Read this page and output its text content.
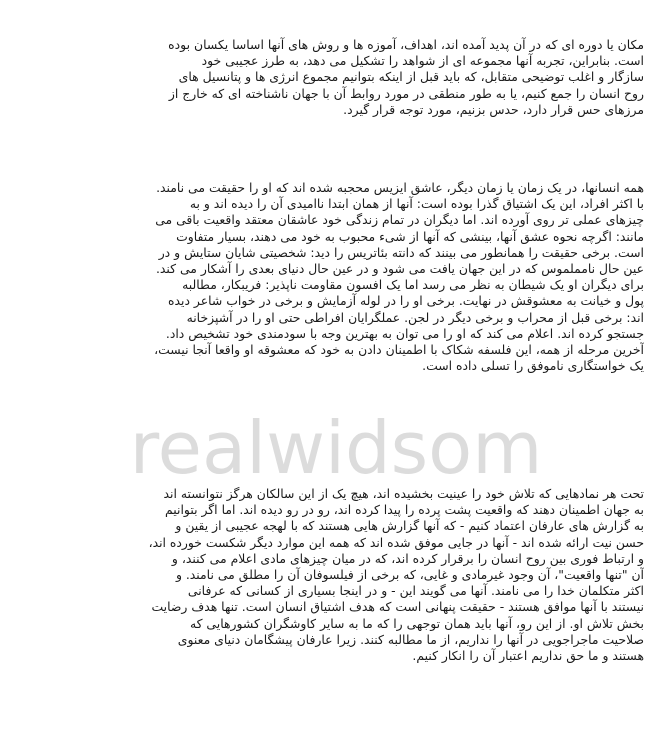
مکان یا دوره ای که در آن پدید آمده اند، اهداف، آموزه ها و روش های آنها اساسا یکسان بوده
است. بنابراین، تجربه آنها مجموعه ای از شواهد را تشکیل می دهد، به طرز عجیبی خود
سازگار و اغلب توضیحی متقابل، که باید قبل از اینکه بتوانیم مجموع انرژی ها و پتانسیل های
روح انسان را جمع کنیم، یا به طور منطقی در مورد روابط آن با جهان ناشناخته ای که خارج از
مرزهای حس قرار دارد، حدس بزنیم، مورد توجه قرار گیرد.
همه انسانها، در یک زمان یا زمان دیگر، عاشق ایزیس محجبه شده اند که او را حقیقت می نامند.
با اکثر افراد، این یک اشتیاق گذرا بوده است: آنها از همان ابتدا ناامیدی آن را دیده اند و به
چیزهای عملی تر روی آورده اند. اما دیگران در تمام زندگی خود عاشقان معتقد واقعیت باقی می
مانند: اگرچه نحوه عشق آنها، بینشی که آنها از شیء محبوب به خود می دهند، بسیار متفاوت
است. برخی حقیقت را همانطور می بینند که دانته بئاتریس را دید: شخصیتی شایان ستایش و در
عین حال نامملموس که در این جهان یافت می شود و در عین حال دنیای بعدی را آشکار می کند.
برای دیگران او یک شیطان به نظر می رسد اما یک افسون مقاومت ناپذیر: فریبکار، مطالبه
پول و خیانت به معشوقش در نهایت. برخی او را در لوله آزمایش و برخی در خواب شاعر دیده
اند: برخی قبل از محراب و برخی دیگر در لجن. عملگرایان افراطی حتی او را در آشپزخانه
جستجو کرده اند. اعلام می کند که او را می توان به بهترین وجه با سودمندی خود تشخیص داد.
آخرین مرحله از همه، این فلسفه شکاک با اطمینان دادن به خود که معشوقه او واقعا آنجا نیست،
یک خواستگاری ناموفق را تسلی داده است.
realwidsom
تحت هر نمادهایی که تلاش خود را عینیت بخشیده اند، هیچ یک از این سالکان هرگز نتوانسته اند
به جهان اطمینان دهند که واقعیت پشت پرده را پیدا کرده اند، رو در رو دیده اند. اما اگر بتوانیم
به گزارش های عارفان اعتماد کنیم - که آنها گزارش هایی هستند که با لهجه عجیبی از یقین و
حسن نیت ارائه شده اند - آنها در جایی موفق شده اند که همه این موارد دیگر شکست خورده اند،
و ارتباط فوری بین روح انسان را برقرار کرده اند، که در میان چیزهای مادی اعلام می کنند، و
آن "تنها واقعیت"، آن وجود غیرمادی و غایی، که برخی از فیلسوفان آن را مطلق می نامند. و
اکثر متکلمان خدا را می نامند. آنها می گویند این - و در اینجا بسیاری از کسانی که عرفانی
نیستند با آنها موافق هستند - حقیقت پنهانی است که هدف اشتیاق انسان است. تنها هدف رضایت
بخش تلاش او. از این رو، آنها باید همان توجهی را که ما به سایر کاوشگران کشورهایی که
صلاحیت ماجراجویی در آنها را نداریم، از ما مطالبه کنند. زیرا عارفان پیشگامان دنیای معنوی
هستند و ما حق نداریم اعتبار آن را انکار کنیم.
